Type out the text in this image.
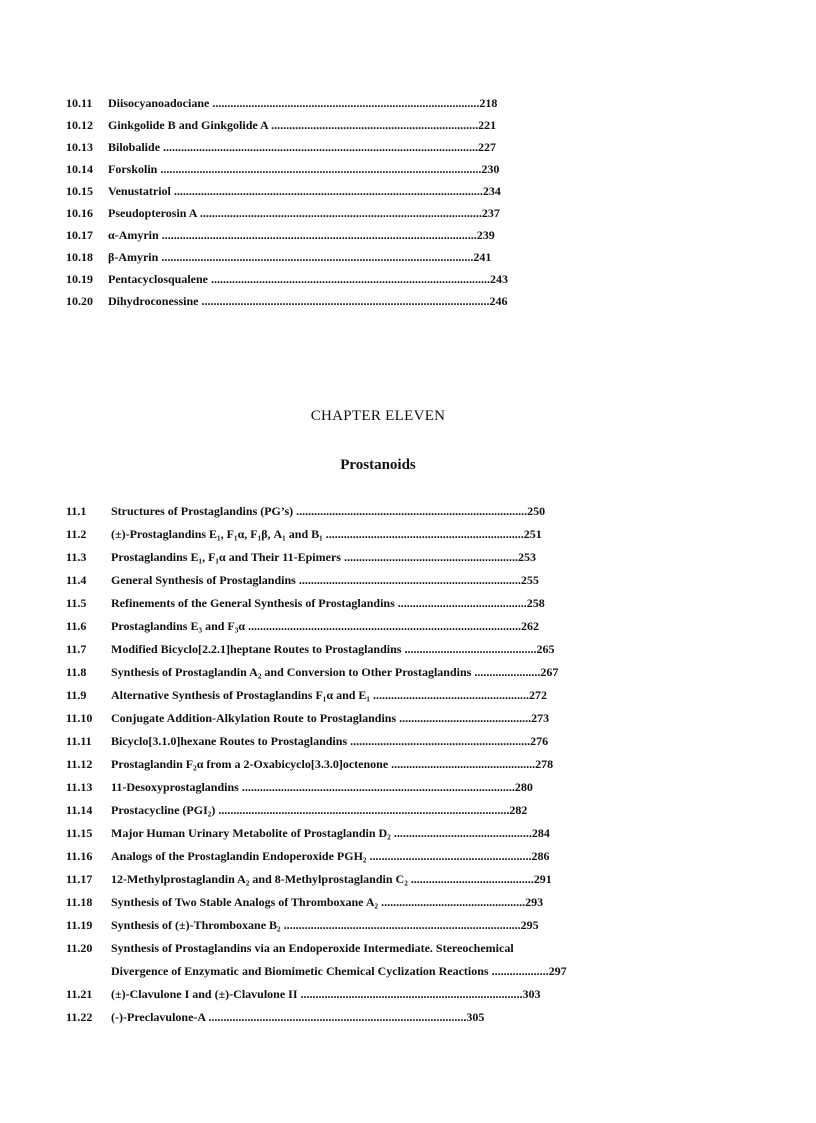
10.11 Diisocyanoadociane .........................................................................................218
10.12 Ginkgolide B and Ginkgolide A .....................................................................221
10.13 Bilobalide .........................................................................................................227
10.14 Forskolin ...........................................................................................................230
10.15 Venustatriol .......................................................................................................234
10.16 Pseudopterosin A ..............................................................................................237
10.17 α-Amyrin .........................................................................................................239
10.18 β-Amyrin ........................................................................................................241
10.19 Pentacyclosqualene .............................................................................................243
10.20 Dihydroconessine ................................................................................................246
CHAPTER ELEVEN
Prostanoids
11.1 Structures of Prostaglandins (PG’s) .............................................................................250
11.2 (±)-Prostaglandins E₁, F₁α, F₁β, A₁ and B₁ ..................................................................251
11.3 Prostaglandins E₁, F₁α and Their 11-Epimers ..........................................................253
11.4 General Synthesis of Prostaglandins ..........................................................................255
11.5 Refinements of the General Synthesis of Prostaglandins ...........................................258
11.6 Prostaglandins E₃ and F₃α ...........................................................................................262
11.7 Modified Bicyclo[2.2.1]heptane Routes to Prostaglandins ............................................265
11.8 Synthesis of Prostaglandin A₂ and Conversion to Other Prostaglandins ......................267
11.9 Alternative Synthesis of Prostaglandins F₁α and E₁ ....................................................272
11.10 Conjugate Addition-Alkylation Route to Prostaglandins ............................................273
11.11 Bicyclo[3.1.0]hexane Routes to Prostaglandins ............................................................276
11.12 Prostaglandin F₂α from a 2-Oxabicyclo[3.3.0]octenone ................................................278
11.13 11-Desoxyprostaglandins ...........................................................................................280
11.14 Prostacycline (PGI₂) .................................................................................................282
11.15 Major Human Urinary Metabolite of Prostaglandin D₂ ..............................................284
11.16 Analogs of the Prostaglandin Endoperoxide PGH₂ ......................................................286
11.17 12-Methylprostaglandin A₂ and 8-Methylprostaglandin C₂ .........................................291
11.18 Synthesis of Two Stable Analogs of Thromboxane A₂ ................................................293
11.19 Synthesis of (±)-Thromboxane B₂ ...............................................................................295
11.20 Synthesis of Prostaglandins via an Endoperoxide Intermediate. Stereochemical
Divergence of Enzymatic and Biomimetic Chemical Cyclization Reactions ...................297
11.21 (±)-Clavulone I and (±)-Clavulone II ..........................................................................303
11.22 (-)-Preclavulone-A ......................................................................................305
